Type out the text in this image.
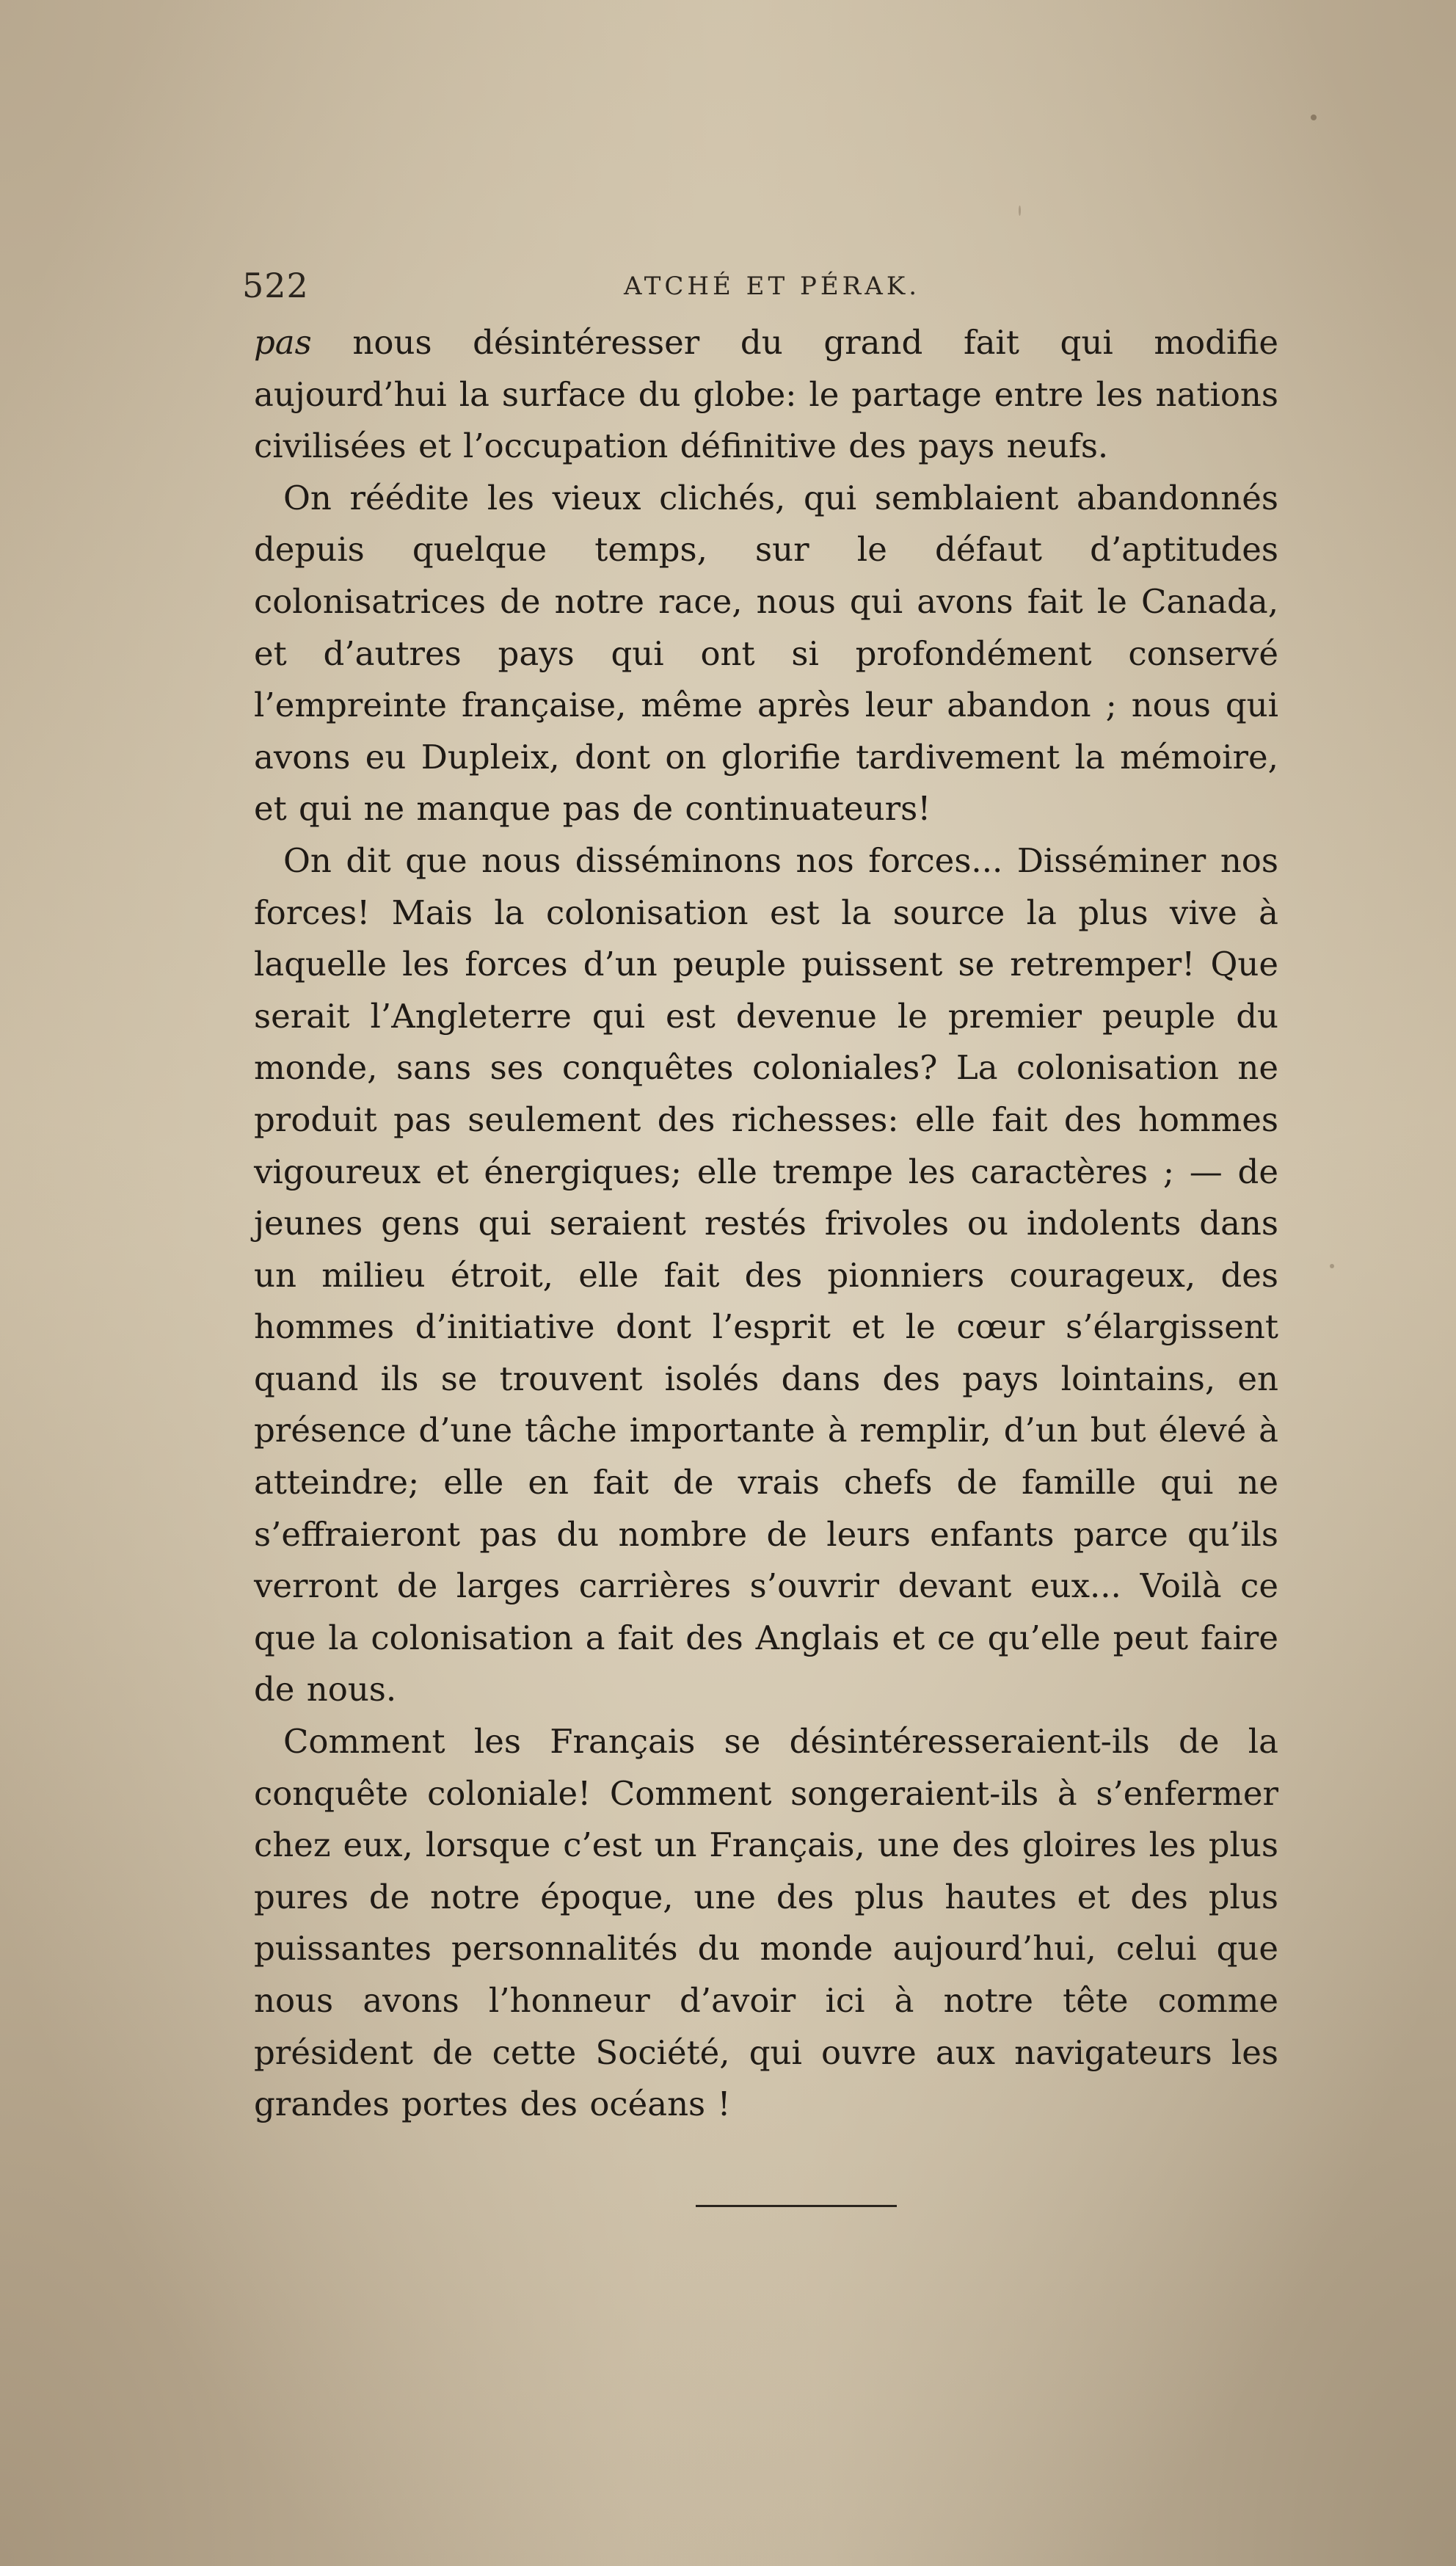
522	ATCHÉ ET PÉRAK.

pas nous désintéresser du grand fait qui modifie aujourd’hui la surface du globe: le partage entre les nations civilisées et l’occupation définitive des pays neufs.

On réédite les vieux clichés, qui semblaient abandonnés depuis quelque temps, sur le défaut d’aptitudes colonisatrices de notre race, nous qui avons fait le Canada, et d’autres pays qui ont si profondément conservé l’empreinte française, même après leur abandon ; nous qui avons eu Dupleix, dont on glorifie tardivement la mémoire, et qui ne manque pas de continuateurs!

On dit que nous disséminons nos forces... Disséminer nos forces! Mais la colonisation est la source la plus vive à laquelle les forces d’un peuple puissent se retremper! Que serait l’Angleterre qui est devenue le premier peuple du monde, sans ses conquêtes coloniales? La colonisation ne produit pas seulement des richesses: elle fait des hommes vigoureux et énergiques; elle trempe les caractères ; — de jeunes gens qui seraient restés frivoles ou indolents dans un milieu étroit, elle fait des pionniers courageux, des hommes d’initiative dont l’esprit et le cœur s’élargissent quand ils se trouvent isolés dans des pays lointains, en présence d’une tâche importante à remplir, d’un but élevé à atteindre; elle en fait de vrais chefs de famille qui ne s’effraieront pas du nombre de leurs enfants parce qu’ils verront de larges carrières s’ouvrir devant eux... Voilà ce que la colonisation a fait des Anglais et ce qu’elle peut faire de nous.

Comment les Français se désintéresseraient-ils de la conquête coloniale! Comment songeraient-ils à s’enfermer chez eux, lorsque c’est un Français, une des gloires les plus pures de notre époque, une des plus hautes et des plus puissantes personnalités du monde aujourd’hui, celui que nous avons l’honneur d’avoir ici à notre tête comme président de cette Société, qui ouvre aux navigateurs les grandes portes des océans !
